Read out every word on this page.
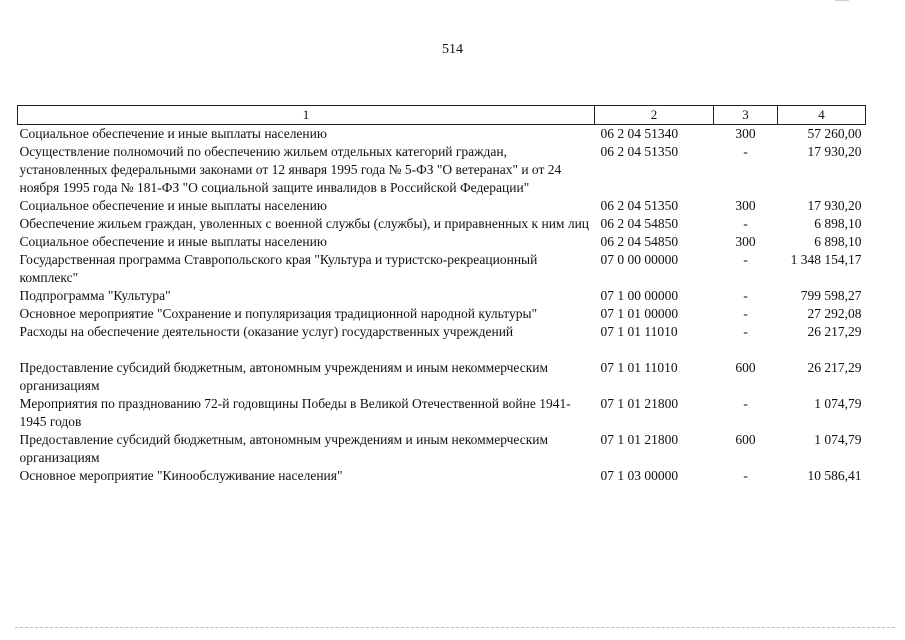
514
1	2	3	4
Социальное обеспечение и иные выплаты населению	06 2 04 51340	300	57 260,00
Осуществление полномочий по обеспечению жильем отдельных категорий граждан, установленных федеральными законами от 12 января 1995 года № 5-ФЗ "О ветеранах" и от 24 ноября 1995 года № 181-ФЗ "О социальной защите инвалидов в Российской Федерации"	06 2 04 51350	-	17 930,20
Социальное обеспечение и иные выплаты населению	06 2 04 51350	300	17 930,20
Обеспечение жильем граждан, уволенных с военной службы (службы), и приравненных к ним лиц	06 2 04 54850	-	6 898,10
Социальное обеспечение и иные выплаты населению	06 2 04 54850	300	6 898,10
Государственная программа Ставропольского края "Культура и туристско-рекреационный комплекс"	07 0 00 00000	-	1 348 154,17
Подпрограмма "Культура"	07 1 00 00000	-	799 598,27
Основное мероприятие "Сохранение и популяризация традиционной народной культуры"	07 1 01 00000	-	27 292,08
Расходы на обеспечение деятельности (оказание услуг) государственных учреждений	07 1 01 11010	-	26 217,29
Предоставление субсидий бюджетным, автономным учреждениям и иным некоммерческим организациям	07 1 01 11010	600	26 217,29
Мероприятия по празднованию 72-й годовщины Победы в Великой Отечественной войне 1941-1945 годов	07 1 01 21800	-	1 074,79
Предоставление субсидий бюджетным, автономным учреждениям и иным некоммерческим организациям	07 1 01 21800	600	1 074,79
Основное мероприятие "Кинообслуживание населения"	07 1 03 00000	-	10 586,41
